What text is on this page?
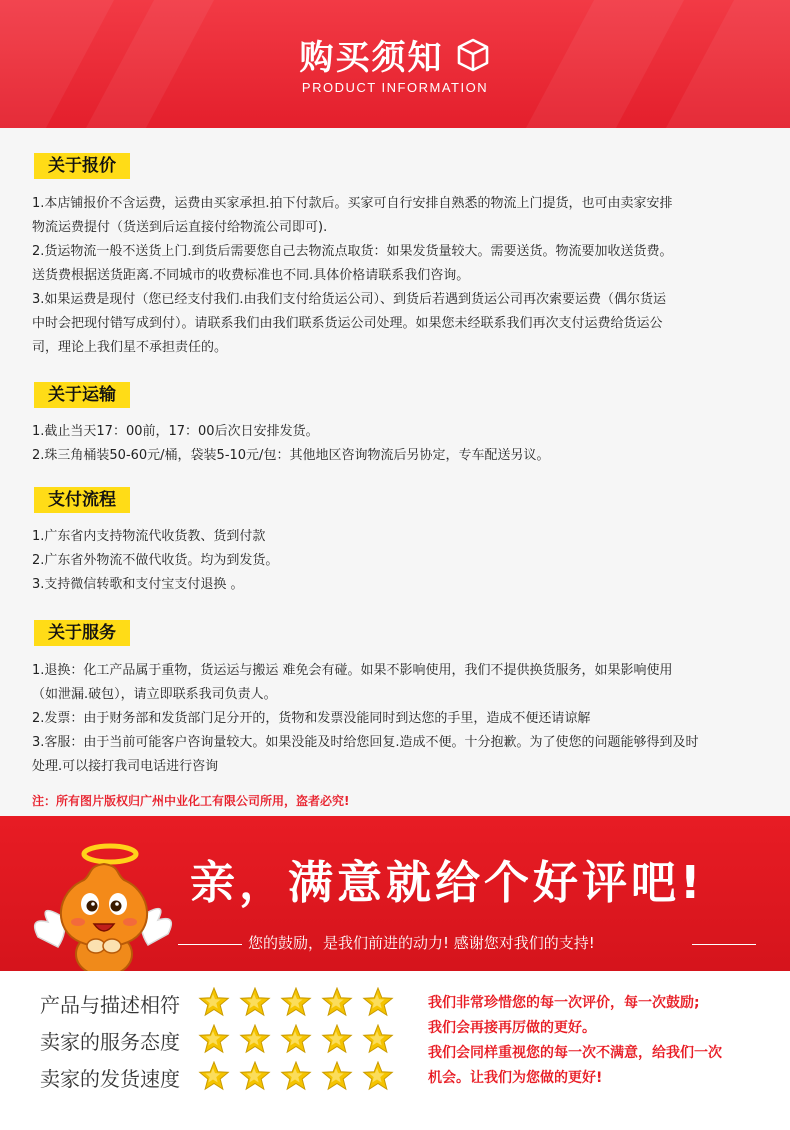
购买须知
PRODUCT INFORMATION
关于报价

1.本店铺报价不含运费，运费由买家承担.拍下付款后。买家可自行安排自熟悉的物流上门提货，也可由卖家安排

物流运费提付（货送到后运直接付给物流公司即可).

2.货运物流一般不送货上门.到货后需要您自己去物流点取货：如果发货量较大。需要送货。物流要加收送货费。

送货费根据送货距离.不同城市的收费标准也不同.具体价格请联系我们咨询。

3.如果运费是现付（您已经支付我们.由我们支付给货运公司）、到货后若遇到货运公司再次索要运费（偶尔货运

中时会把现付错写成到付）。请联系我们由我们联系货运公司处理。如果您未经联系我们再次支付运费给货运公

司，理论上我们星不承担责任的。

关于运输

1.截止当天17：00前，17：00后次日安排发货。

2.珠三角桶装50-60元/桶，袋装5-10元/包：其他地区咨询物流后另协定，专车配送另议。

支付流程

1.广东省内支持物流代收货教、货到付款

2.广东省外物流不做代收货。均为到发货。

3.支持微信转歌和支付宝支付退换 。

关于服务

1.退换：化工产品属于重物，货运运与搬运 难免会有碰。如果不影响使用，我们不提供换货服务，如果影响使用

（如泄漏.破包），请立即联系我司负责人。

2.发票：由于财务部和发货部门足分开的，货物和发票没能同时到达您的手里，造成不便还请谅解

3.客服：由于当前可能客户咨询量较大。如果没能及时给您回复.造成不便。十分抱歉。为了使您的问题能够得到及时

处理.可以接打我司电话进行咨询

注：所有图片版权归广州中业化工有限公司所用，盗者必究!
亲，满意就给个好评吧!
您的鼓励，是我们前进的动力! 感谢您对我们的支持!
产品与描述相符
卖家的服务态度
卖家的发货速度

我们非常珍惜您的每一次评价，每一次鼓励;

我们会再接再厉做的更好。

我们会同样重视您的每一次不满意，给我们一次

机会。让我们为您做的更好!
